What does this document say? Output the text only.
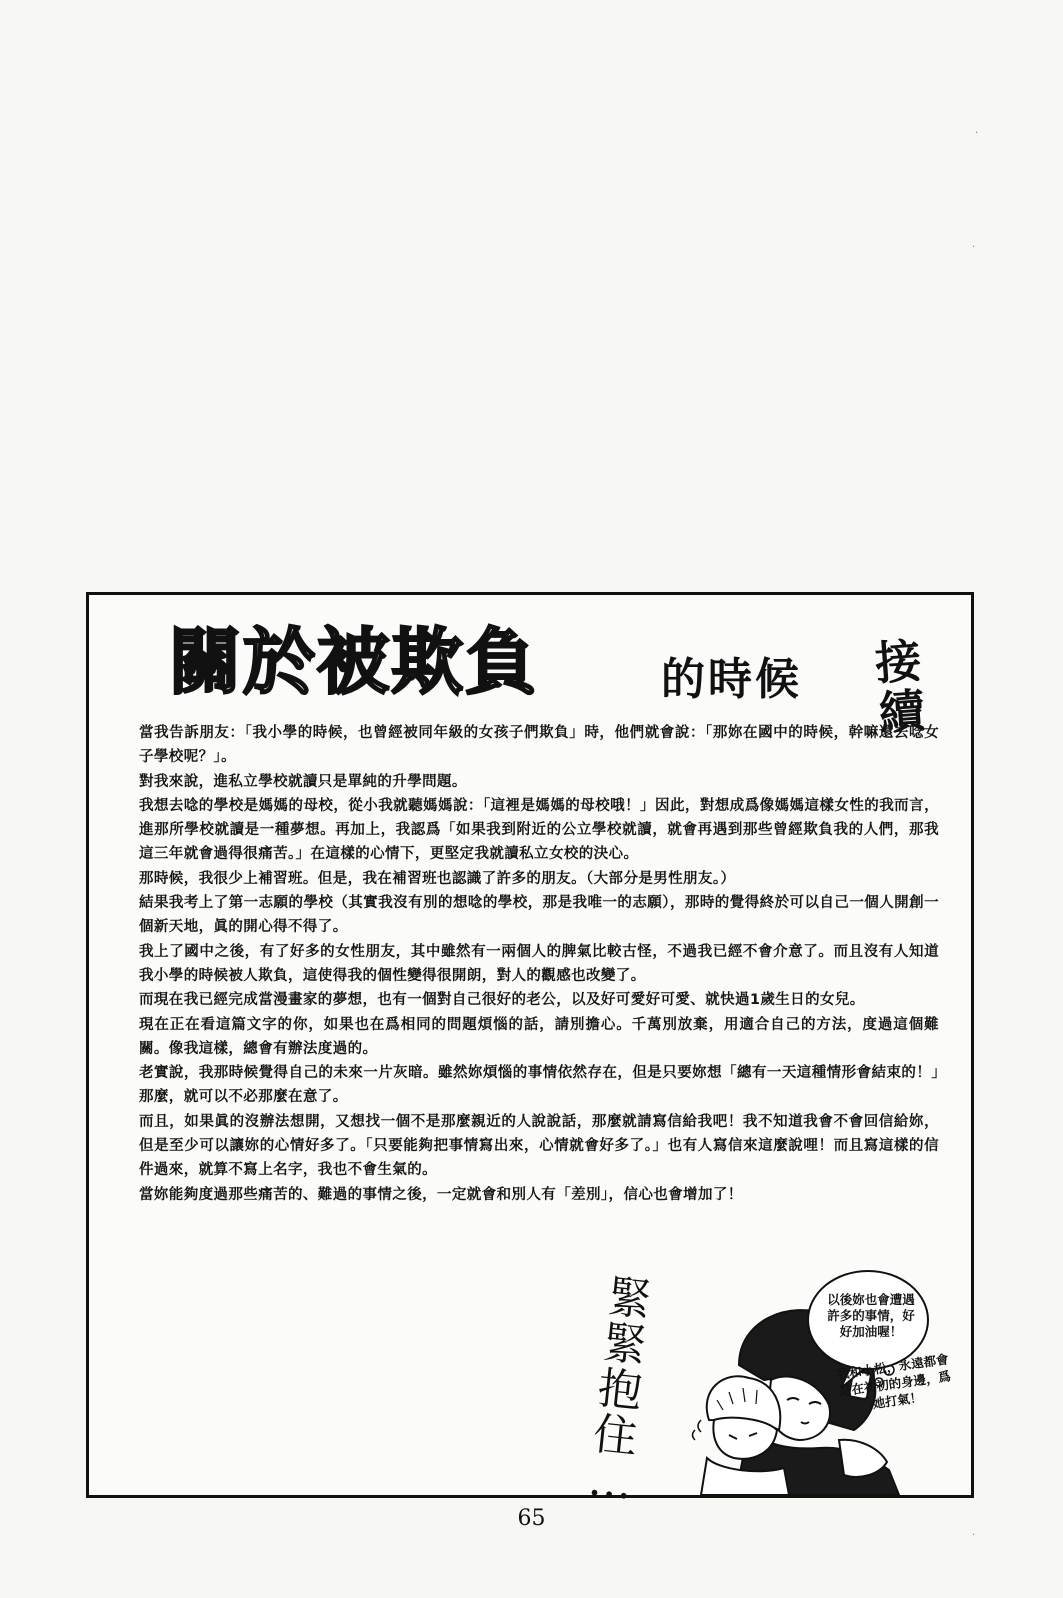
·
·
·
關於被欺負	的時候 接
續
當我告訴朋友：「我小學的時候，也曾經被同年級的女孩子們欺負」時，他們就會說：「那妳在國中的時候，幹嘛還去唸女子學校呢？」。
對我來說，進私立學校就讀只是單純的升學問題。
我想去唸的學校是媽媽的母校，從小我就聽媽媽說：「這裡是媽媽的母校哦！」因此，對想成爲像媽媽這樣女性的我而言，進那所學校就讀是一種夢想。再加上，我認爲「如果我到附近的公立學校就讀，就會再遇到那些曾經欺負我的人們，那我這三年就會過得很痛苦。」在這樣的心情下，更堅定我就讀私立女校的決心。
那時候，我很少上補習班。但是，我在補習班也認識了許多的朋友。（大部分是男性朋友。）
結果我考上了第一志願的學校（其實我沒有別的想唸的學校，那是我唯一的志願），那時的覺得終於可以自己一個人開創一個新天地，眞的開心得不得了。
我上了國中之後，有了好多的女性朋友，其中雖然有一兩個人的脾氣比較古怪，不過我已經不會介意了。而且沒有人知道我小學的時候被人欺負，這使得我的個性變得很開朗，對人的觀感也改變了。
而現在我已經完成當漫畫家的夢想，也有一個對自己很好的老公，以及好可愛好可愛、就快過1歲生日的女兒。
現在正在看這篇文字的你，如果也在爲相同的問題煩惱的話，請別擔心。千萬別放棄，用適合自己的方法，度過這個難關。像我這樣，總會有辦法度過的。
老實說，我那時候覺得自己的未來一片灰暗。雖然妳煩惱的事情依然存在，但是只要妳想「總有一天這種情形會結束的！」那麼，就可以不必那麼在意了。
而且，如果眞的沒辦法想開，又想找一個不是那麼親近的人說說話，那麼就請寫信給我吧！我不知道我會不會回信給妳，但是至少可以讓妳的心情好多了。「只要能夠把事情寫出來，心情就會好多了。」也有人寫信來這麼說哩！而且寫這樣的信件過來，就算不寫上名字，我也不會生氣的。
當妳能夠度過那些痛苦的、難過的事情之後，一定就會和別人有「差別」，信心也會增加了！
緊
緊
抱
住
…

以後妳也會遭遇許多的事情，好好加油喔！

我和小松，永遠都會站在初初的身邊，爲她打氣！
65
